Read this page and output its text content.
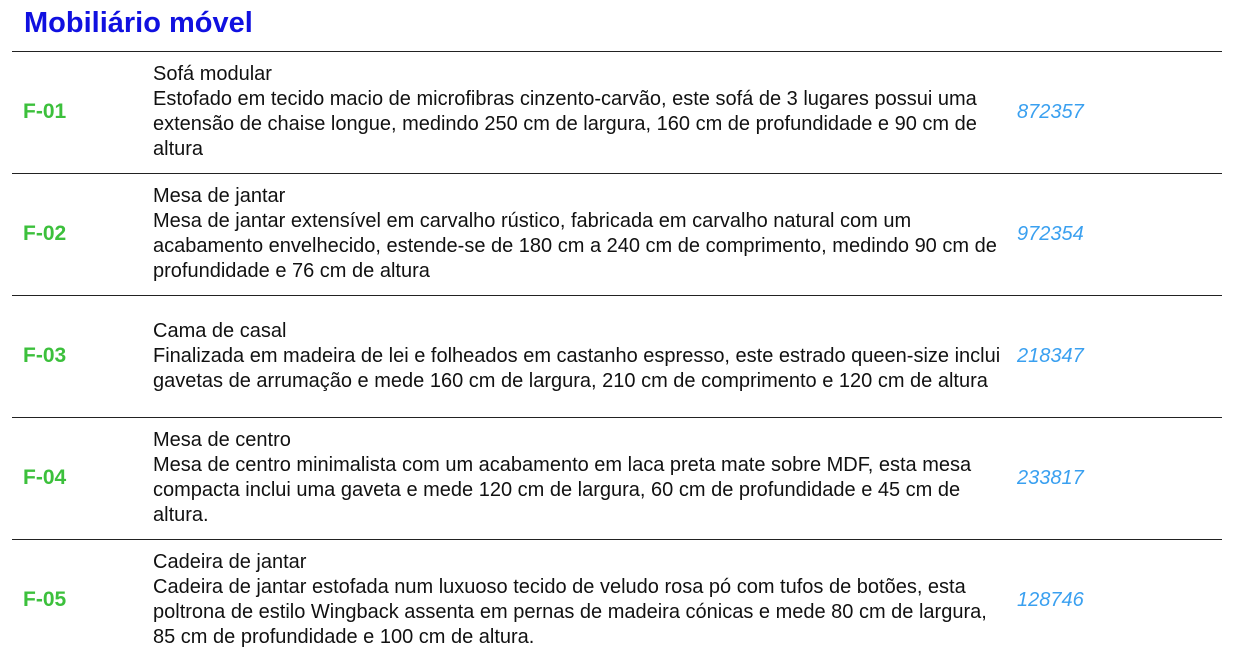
Mobiliário móvel
F-01
Sofá modular
Estofado em tecido macio de microfibras cinzento-carvão, este sofá de 3 lugares possui uma extensão de chaise longue, medindo 250 cm de largura, 160 cm de profundidade e 90 cm de altura
872357
F-02
Mesa de jantar
Mesa de jantar extensível em carvalho rústico, fabricada em carvalho natural com um acabamento envelhecido, estende-se de 180 cm a 240 cm de comprimento, medindo 90 cm de profundidade e 76 cm de altura
972354
F-03
Cama de casal
Finalizada em madeira de lei e folheados em castanho espresso, este estrado queen-size inclui gavetas de arrumação e mede 160 cm de largura, 210 cm de comprimento e 120 cm de altura
218347
F-04
Mesa de centro
Mesa de centro minimalista com um acabamento em laca preta mate sobre MDF, esta mesa compacta inclui uma gaveta e mede 120 cm de largura, 60 cm de profundidade e 45 cm de altura.
233817
F-05
Cadeira de jantar
Cadeira de jantar estofada num luxuoso tecido de veludo rosa pó com tufos de botões, esta poltrona de estilo Wingback assenta em pernas de madeira cónicas e mede 80 cm de largura, 85 cm de profundidade e 100 cm de altura.
128746
